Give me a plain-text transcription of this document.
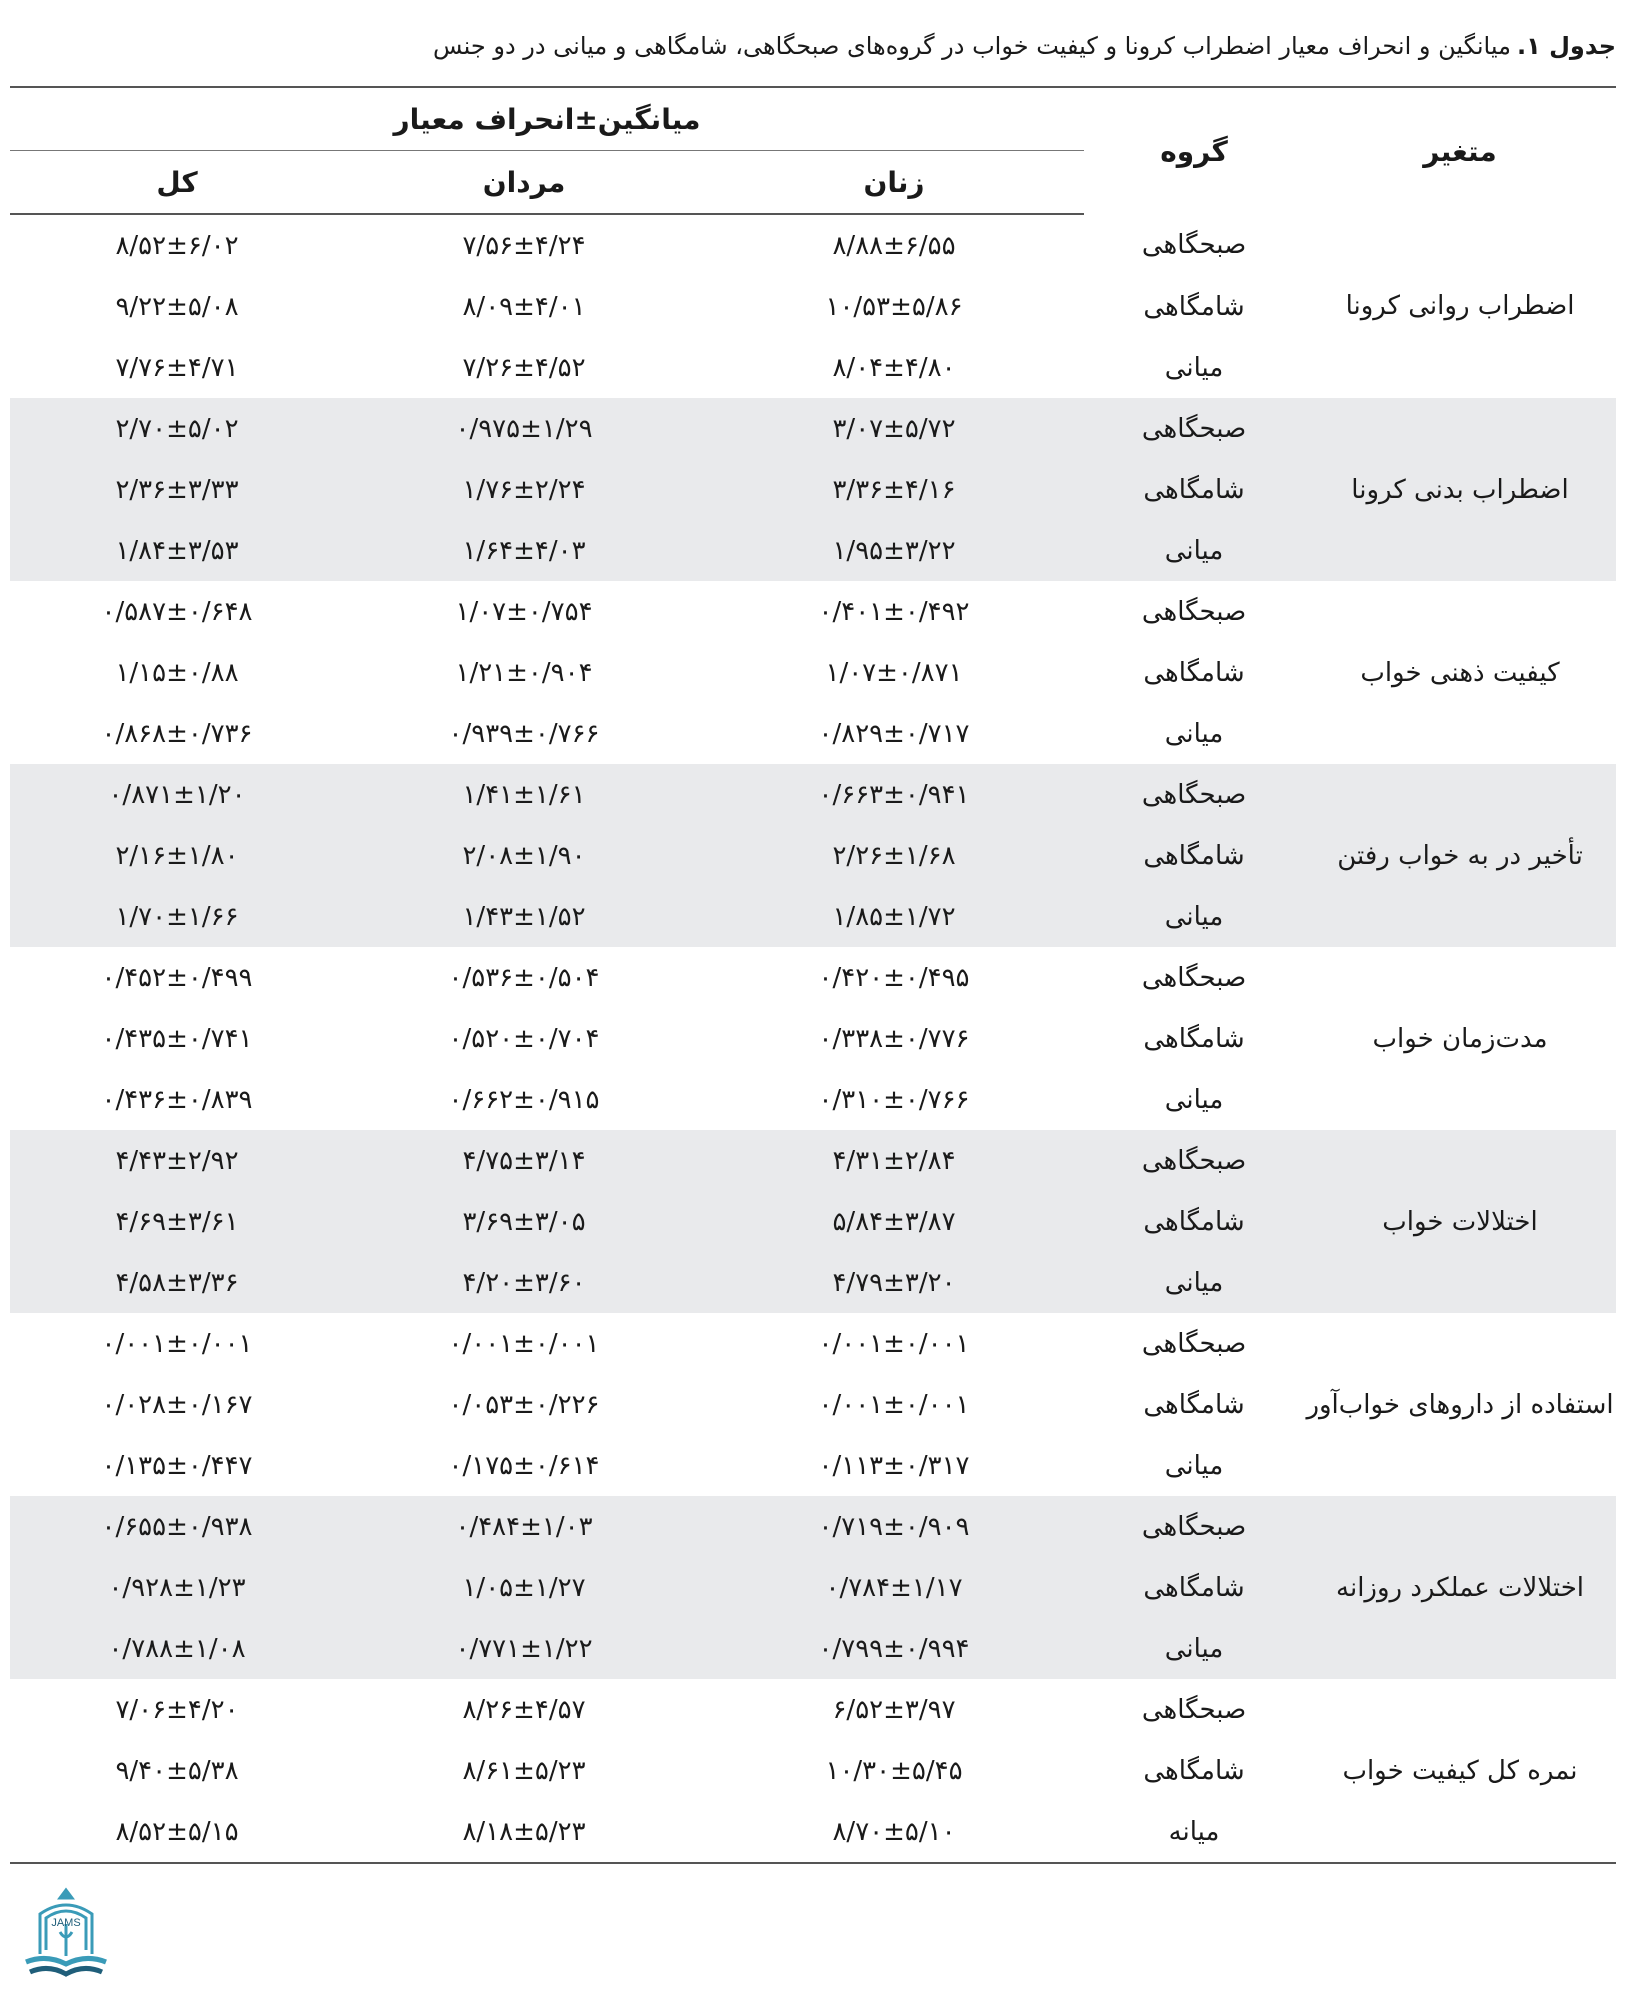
جدول ۱.میانگین و انحراف معیار اضطراب کرونا و کیفیت خواب در گروه‌های صبحگاهی، شامگاهی و میانی در دو جنس
متغیر	گروه	میانگین±انحراف معیار		
		زنان	مردان	کل
اضطراب روانی کرونا	صبحگاهی	۸/۸۸±۶/۵۵	۷/۵۶±۴/۲۴	۸/۵۲±۶/۰۲
	شامگاهی	۱۰/۵۳±۵/۸۶	۸/۰۹±۴/۰۱	۹/۲۲±۵/۰۸
	میانی	۸/۰۴±۴/۸۰	۷/۲۶±۴/۵۲	۷/۷۶±۴/۷۱
اضطراب بدنی کرونا	صبحگاهی	۳/۰۷±۵/۷۲	۰/۹۷۵±۱/۲۹	۲/۷۰±۵/۰۲
	شامگاهی	۳/۳۶±۴/۱۶	۱/۷۶±۲/۲۴	۲/۳۶±۳/۳۳
	میانی	۱/۹۵±۳/۲۲	۱/۶۴±۴/۰۳	۱/۸۴±۳/۵۳
کیفیت ذهنی خواب	صبحگاهی	۰/۴۰۱±۰/۴۹۲	۱/۰۷±۰/۷۵۴	۰/۵۸۷±۰/۶۴۸
	شامگاهی	۱/۰۷±۰/۸۷۱	۱/۲۱±۰/۹۰۴	۱/۱۵±۰/۸۸
	میانی	۰/۸۲۹±۰/۷۱۷	۰/۹۳۹±۰/۷۶۶	۰/۸۶۸±۰/۷۳۶
تأخیر در به خواب رفتن	صبحگاهی	۰/۶۶۳±۰/۹۴۱	۱/۴۱±۱/۶۱	۰/۸۷۱±۱/۲۰
	شامگاهی	۲/۲۶±۱/۶۸	۲/۰۸±۱/۹۰	۲/۱۶±۱/۸۰
	میانی	۱/۸۵±۱/۷۲	۱/۴۳±۱/۵۲	۱/۷۰±۱/۶۶
مدت‌زمان خواب	صبحگاهی	۰/۴۲۰±۰/۴۹۵	۰/۵۳۶±۰/۵۰۴	۰/۴۵۲±۰/۴۹۹
	شامگاهی	۰/۳۳۸±۰/۷۷۶	۰/۵۲۰±۰/۷۰۴	۰/۴۳۵±۰/۷۴۱
	میانی	۰/۳۱۰±۰/۷۶۶	۰/۶۶۲±۰/۹۱۵	۰/۴۳۶±۰/۸۳۹
اختلالات خواب	صبحگاهی	۴/۳۱±۲/۸۴	۴/۷۵±۳/۱۴	۴/۴۳±۲/۹۲
	شامگاهی	۵/۸۴±۳/۸۷	۳/۶۹±۳/۰۵	۴/۶۹±۳/۶۱
	میانی	۴/۷۹±۳/۲۰	۴/۲۰±۳/۶۰	۴/۵۸±۳/۳۶
استفاده از داروهای خواب‌آور	صبحگاهی	۰/۰۰۱±۰/۰۰۱	۰/۰۰۱±۰/۰۰۱	۰/۰۰۱±۰/۰۰۱
	شامگاهی	۰/۰۰۱±۰/۰۰۱	۰/۰۵۳±۰/۲۲۶	۰/۰۲۸±۰/۱۶۷
	میانی	۰/۱۱۳±۰/۳۱۷	۰/۱۷۵±۰/۶۱۴	۰/۱۳۵±۰/۴۴۷
اختلالات عملکرد روزانه	صبحگاهی	۰/۷۱۹±۰/۹۰۹	۰/۴۸۴±۱/۰۳	۰/۶۵۵±۰/۹۳۸
	شامگاهی	۰/۷۸۴±۱/۱۷	۱/۰۵±۱/۲۷	۰/۹۲۸±۱/۲۳
	میانی	۰/۷۹۹±۰/۹۹۴	۰/۷۷۱±۱/۲۲	۰/۷۸۸±۱/۰۸
نمره کل کیفیت خواب	صبحگاهی	۶/۵۲±۳/۹۷	۸/۲۶±۴/۵۷	۷/۰۶±۴/۲۰
	شامگاهی	۱۰/۳۰±۵/۴۵	۸/۶۱±۵/۲۳	۹/۴۰±۵/۳۸
	میانه	۸/۷۰±۵/۱۰	۸/۱۸±۵/۲۳	۸/۵۲±۵/۱۵
JAMS
